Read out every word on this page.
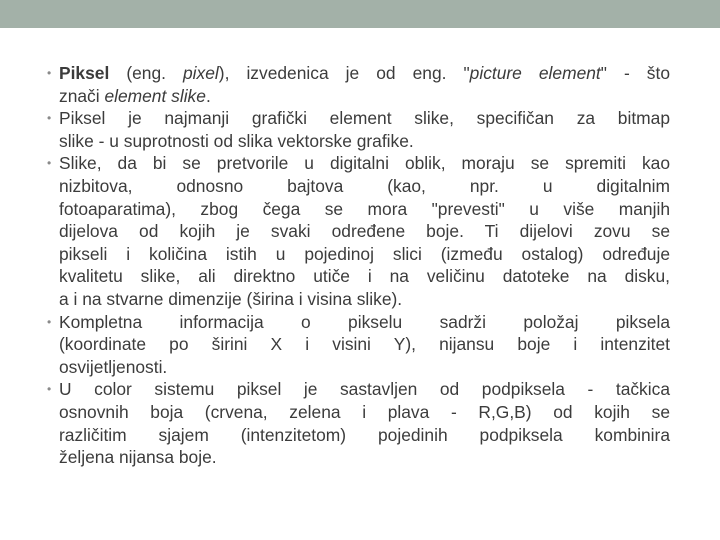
• Piksel (eng. pixel), izvedenica je od eng. "picture element" - što
znači element slike.
• Piksel je najmanji grafički element slike, specifičan za bitmap
slike - u suprotnosti od slika vektorske grafike.
• Slike, da bi se pretvorile u digitalni oblik, moraju se spremiti kao
nizbitova, odnosno bajtova (kao, npr. u digitalnim
fotoaparatima), zbog čega se mora "prevesti" u više manjih
dijelova od kojih je svaki određene boje. Ti dijelovi zovu se
pikseli i količina istih u pojedinoj slici (između ostalog) određuje
kvalitetu slike, ali direktno utiče i na veličinu datoteke na disku,
a i na stvarne dimenzije (širina i visina slike).
• Kompletna informacija o pikselu sadrži položaj piksela
(koordinate po širini X i visini Y), nijansu boje i intenzitet
osvijetljenosti.
• U color sistemu piksel je sastavljen od podpiksela - tačkica
osnovnih boja (crvena, zelena i plava - R,G,B) od kojih se
različitim sjajem (intenzitetom) pojedinih podpiksela kombinira
željena nijansa boje.
